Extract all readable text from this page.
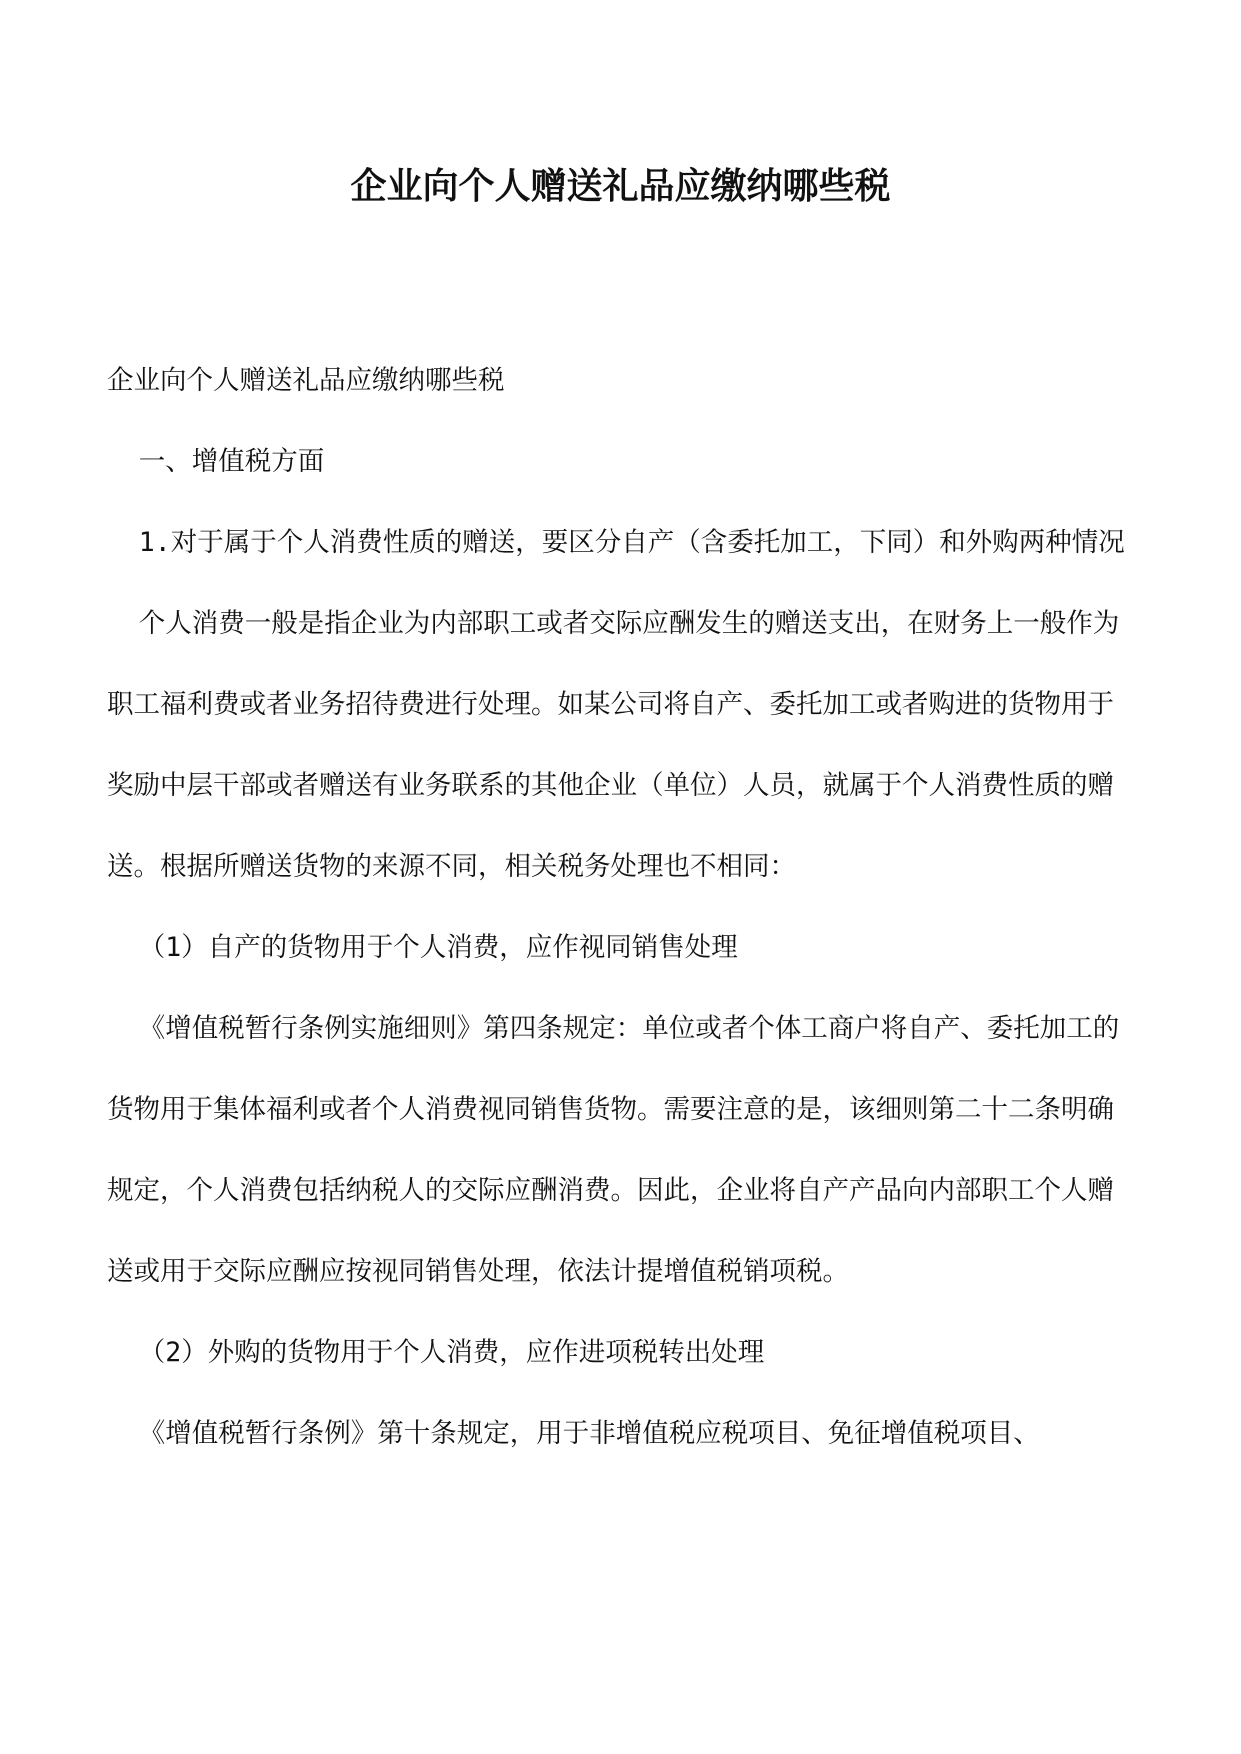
企业向个人赠送礼品应缴纳哪些税

企业向个人赠送礼品应缴纳哪些税

一、增值税方面

1.对于属于个人消费性质的赠送，要区分自产（含委托加工，下同）和外购两种情况

个人消费一般是指企业为内部职工或者交际应酬发生的赠送支出，在财务上一般作为职工福利费或者业务招待费进行处理。如某公司将自产、委托加工或者购进的货物用于奖励中层干部或者赠送有业务联系的其他企业（单位）人员，就属于个人消费性质的赠送。根据所赠送货物的来源不同，相关税务处理也不相同：

（1）自产的货物用于个人消费，应作视同销售处理

《增值税暂行条例实施细则》第四条规定：单位或者个体工商户将自产、委托加工的货物用于集体福利或者个人消费视同销售货物。需要注意的是，该细则第二十二条明确规定，个人消费包括纳税人的交际应酬消费。因此，企业将自产产品向内部职工个人赠送或用于交际应酬应按视同销售处理，依法计提增值税销项税。

（2）外购的货物用于个人消费，应作进项税转出处理

《增值税暂行条例》第十条规定，用于非增值税应税项目、免征增值税项目、
